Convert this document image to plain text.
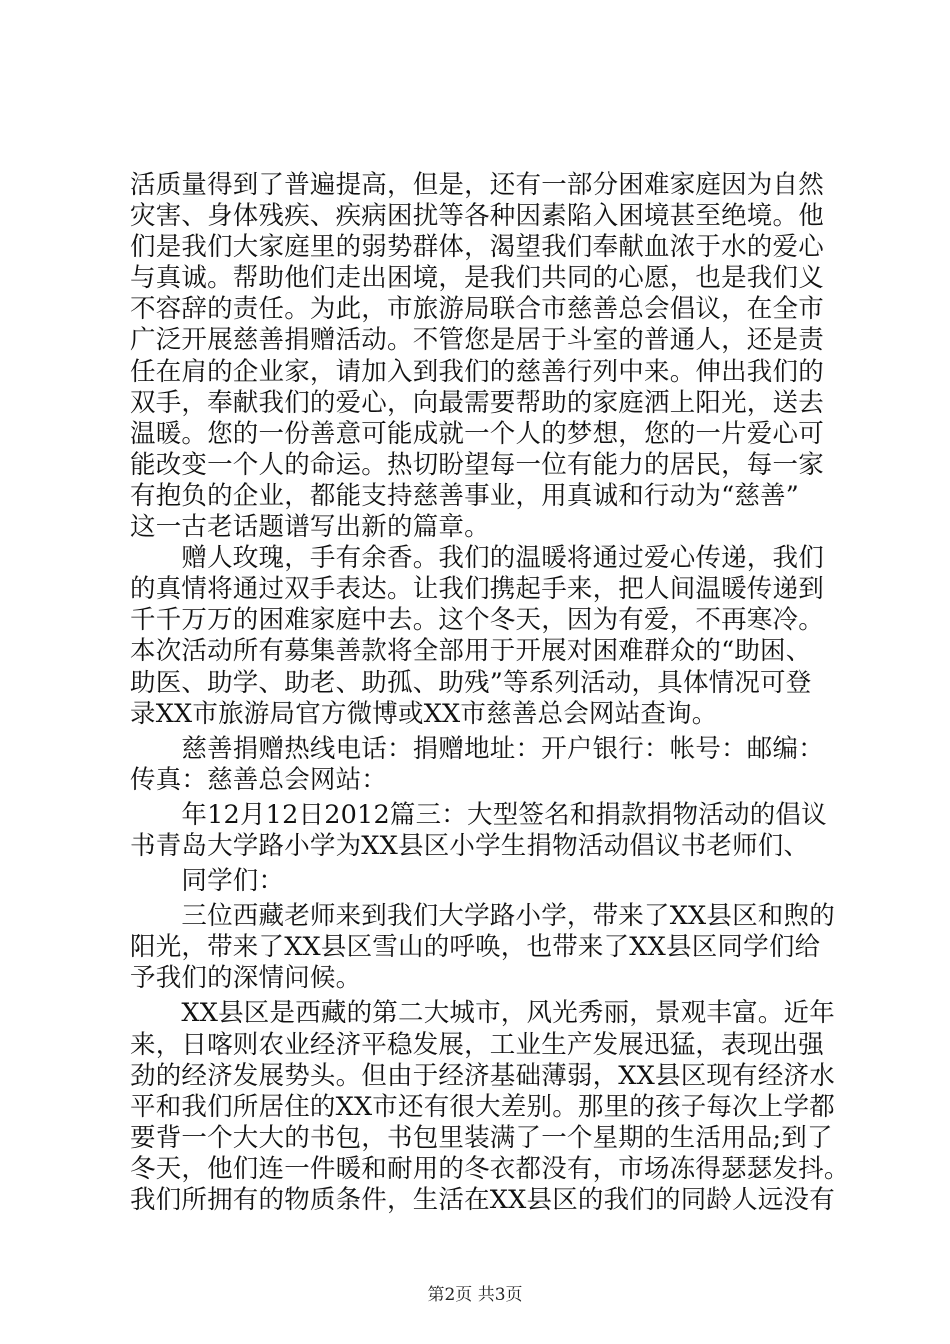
活质量得到了普遍提高，但是，还有一部分困难家庭因为自然
灾害、身体残疾、疾病困扰等各种因素陷入困境甚至绝境。他
们是我们大家庭里的弱势群体，渴望我们奉献血浓于水的爱心
与真诚。帮助他们走出困境，是我们共同的心愿，也是我们义
不容辞的责任。为此，市旅游局联合市慈善总会倡议，在全市
广泛开展慈善捐赠活动。不管您是居于斗室的普通人，还是责
任在肩的企业家，请加入到我们的慈善行列中来。伸出我们的
双手，奉献我们的爱心，向最需要帮助的家庭洒上阳光，送去
温暖。您的一份善意可能成就一个人的梦想，您的一片爱心可
能改变一个人的命运。热切盼望每一位有能力的居民，每一家
有抱负的企业，都能支持慈善事业，用真诚和行动为“慈善”
这一古老话题谱写出新的篇章。
　　赠人玫瑰，手有余香。我们的温暖将通过爱心传递，我们
的真情将通过双手表达。让我们携起手来，把人间温暖传递到
千千万万的困难家庭中去。这个冬天，因为有爱，不再寒冷。
本次活动所有募集善款将全部用于开展对困难群众的“助困、
助医、助学、助老、助孤、助残”等系列活动，具体情况可登
录XX市旅游局官方微博或XX市慈善总会网站查询。
　　慈善捐赠热线电话：捐赠地址：开户银行：帐号：邮编：
传真：慈善总会网站：
　　年12月12日2012篇三：大型签名和捐款捐物活动的倡议
书青岛大学路小学为XX县区小学生捐物活动倡议书老师们、
　　同学们：
　　三位西藏老师来到我们大学路小学，带来了XX县区和煦的
阳光，带来了XX县区雪山的呼唤，也带来了XX县区同学们给
予我们的深情问候。
　　XX县区是西藏的第二大城市，风光秀丽，景观丰富。近年
来，日喀则农业经济平稳发展，工业生产发展迅猛，表现出强
劲的经济发展势头。但由于经济基础薄弱，XX县区现有经济水
平和我们所居住的XX市还有很大差别。那里的孩子每次上学都
要背一个大大的书包，书包里装满了一个星期的生活用品;到了
冬天，他们连一件暖和耐用的冬衣都没有，市场冻得瑟瑟发抖。
我们所拥有的物质条件，生活在XX县区的我们的同龄人远没有
第2页 共3页
